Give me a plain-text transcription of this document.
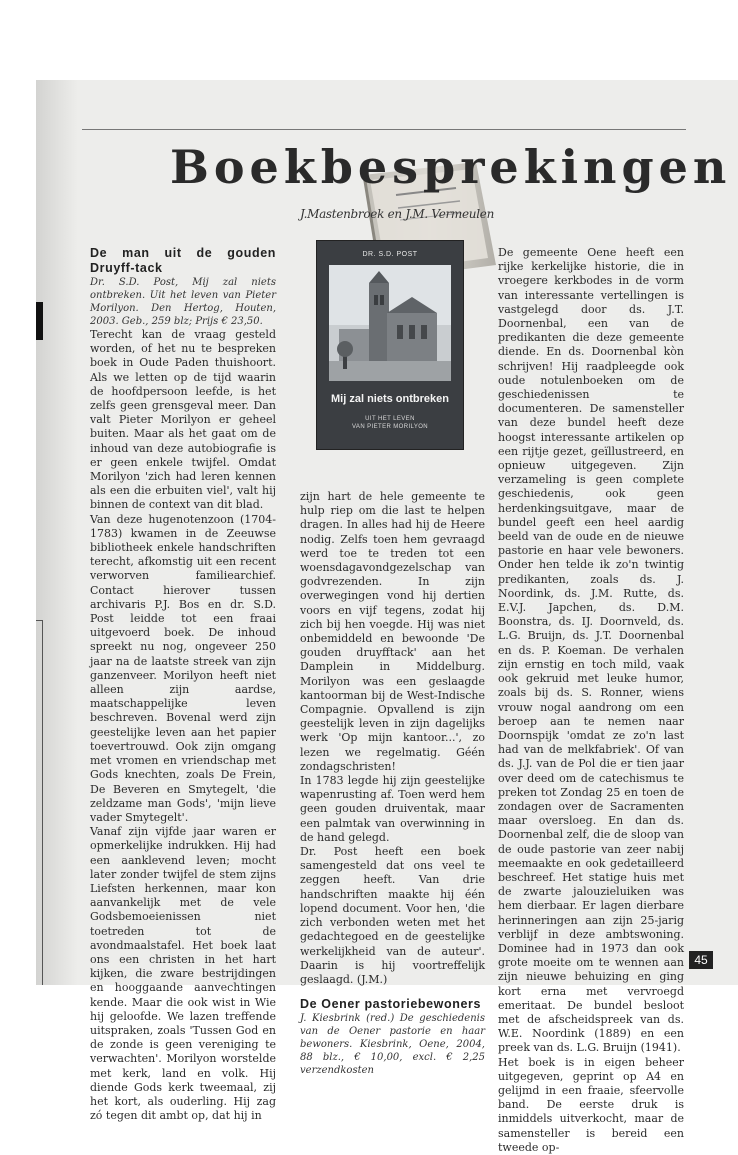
Boekbesprekingen
J.Mastenbroek en J.M. Vermeulen
De man uit de gouden Druyff-tack

Dr. S.D. Post, Mij zal niets ontbreken. Uit het leven van Pieter Morilyon. Den Hertog, Houten, 2003. Geb., 259 blz; Prijs € 23,50.

Terecht kan de vraag gesteld worden, of het nu te bespreken boek in Oude Paden thuishoort. Als we letten op de tijd waarin de hoofdpersoon leefde, is het zelfs geen grensgeval meer. Dan valt Pieter Morilyon er geheel buiten. Maar als het gaat om de inhoud van deze autobiografie is er geen enkele twijfel. Omdat Morilyon 'zich had leren kennen als een die erbuiten viel', valt hij binnen de context van dit blad.

Van deze hugenotenzoon (1704-1783) kwamen in de Zeeuwse bibliotheek enkele handschriften terecht, afkomstig uit een recent verworven familiearchief. Contact hierover tussen archivaris P.J. Bos en dr. S.D. Post leidde tot een fraai uitgevoerd boek. De inhoud spreekt nu nog, ongeveer 250 jaar na de laatste streek van zijn ganzenveer. Morilyon heeft niet alleen zijn aardse, maatschappelijke leven beschreven. Bovenal werd zijn geestelijke leven aan het papier toevertrouwd. Ook zijn omgang met vromen en vriendschap met Gods knechten, zoals De Frein, De Beveren en Smytegelt, 'die zeldzame man Gods', 'mijn lieve vader Smytegelt'.

Vanaf zijn vijfde jaar waren er opmerkelijke indrukken. Hij had een aanklevend leven; mocht later zonder twijfel de stem zijns Liefsten herkennen, maar kon aanvankelijk met de vele Godsbemoeienissen niet toetreden tot de avondmaalstafel. Het boek laat ons een christen in het hart kijken, die zware bestrijdingen en hooggaande aanvechtingen kende. Maar die ook wist in Wie hij geloofde. We lazen treffende uitspraken, zoals 'Tussen God en de zonde is geen vereniging te verwachten'. Morilyon worstelde met kerk, land en volk. Hij diende Gods kerk tweemaal, zij het kort, als ouderling. Hij zag zó tegen dit ambt op, dat hij in

DR. S.D. POST
Mij zal niets ontbreken
UIT HET LEVEN
VAN PIETER MORILYON

zijn hart de hele gemeente te hulp riep om die last te helpen dragen. In alles had hij de Heere nodig. Zelfs toen hem gevraagd werd toe te treden tot een woensdagavondgezelschap van godvrezenden. In zijn overwegingen vond hij dertien voors en vijf tegens, zodat hij zich bij hen voegde. Hij was niet onbemiddeld en bewoonde 'De gouden druyfftack' aan het Damplein in Middelburg. Morilyon was een geslaagde kantoorman bij de West-Indische Compagnie. Opvallend is zijn geestelijk leven in zijn dagelijks werk 'Op mijn kantoor...', zo lezen we regelmatig. Géén zondagschristen!

In 1783 legde hij zijn geestelijke wapenrusting af. Toen werd hem geen gouden druiventak, maar een palmtak van overwinning in de hand gelegd.

Dr. Post heeft een boek samengesteld dat ons veel te zeggen heeft. Van drie handschriften maakte hij één lopend document. Voor hen, 'die zich verbonden weten met het gedachtegoed en de geestelijke werkelijkheid van de auteur'. Daarin is hij voortreffelijk geslaagd. (J.M.)

De Oener pastoriebewoners

J. Kiesbrink (red.) De geschiedenis van de Oener pastorie en haar bewoners. Kiesbrink, Oene, 2004, 88 blz., € 10,00, excl. € 2,25 verzendkosten

De gemeente Oene heeft een rijke kerkelijke historie, die in vroegere kerkbodes in de vorm van interessante vertellingen is vastgelegd door ds. J.T. Doornenbal, een van de predikanten die deze gemeente diende. En ds. Doornenbal kòn schrijven! Hij raadpleegde ook oude notulenboeken om de geschiedenissen te documenteren. De samensteller van deze bundel heeft deze hoogst interessante artikelen op een rijtje gezet, geïllustreerd, en opnieuw uitgegeven. Zijn verzameling is geen complete geschiedenis, ook geen herdenkingsuitgave, maar de bundel geeft een heel aardig beeld van de oude en de nieuwe pastorie en haar vele bewoners. Onder hen telde ik zo'n twintig predikanten, zoals ds. J. Noordink, ds. J.M. Rutte, ds. E.V.J. Japchen, ds. D.M. Boonstra, ds. IJ. Doornveld, ds. L.G. Bruijn, ds. J.T. Doornenbal en ds. P. Koeman. De verhalen zijn ernstig en toch mild, vaak ook gekruid met leuke humor, zoals bij ds. S. Ronner, wiens vrouw nogal aandrong om een beroep aan te nemen naar Doornspijk 'omdat ze zo'n last had van de melkfabriek'. Of van ds. J.J. van de Pol die er tien jaar over deed om de catechismus te preken tot Zondag 25 en toen de zondagen over de Sacramenten maar oversloeg. En dan ds. Doornenbal zelf, die de sloop van de oude pastorie van zeer nabij meemaakte en ook gedetailleerd beschreef. Het statige huis met de zwarte jalouzieluiken was hem dierbaar. Er lagen dierbare herinneringen aan zijn 25-jarig verblijf in deze ambtswoning. Dominee had in 1973 dan ook grote moeite om te wennen aan zijn nieuwe behuizing en ging kort erna met vervroegd emeritaat. De bundel besloot met de afscheidspreek van ds. W.E. Noordink (1889) en een preek van ds. L.G. Bruijn (1941).

Het boek is in eigen beheer uitgegeven, geprint op A4 en gelijmd in een fraaie, sfeervolle band. De eerste druk is inmiddels uitverkocht, maar de samensteller is bereid een tweede op-

45
